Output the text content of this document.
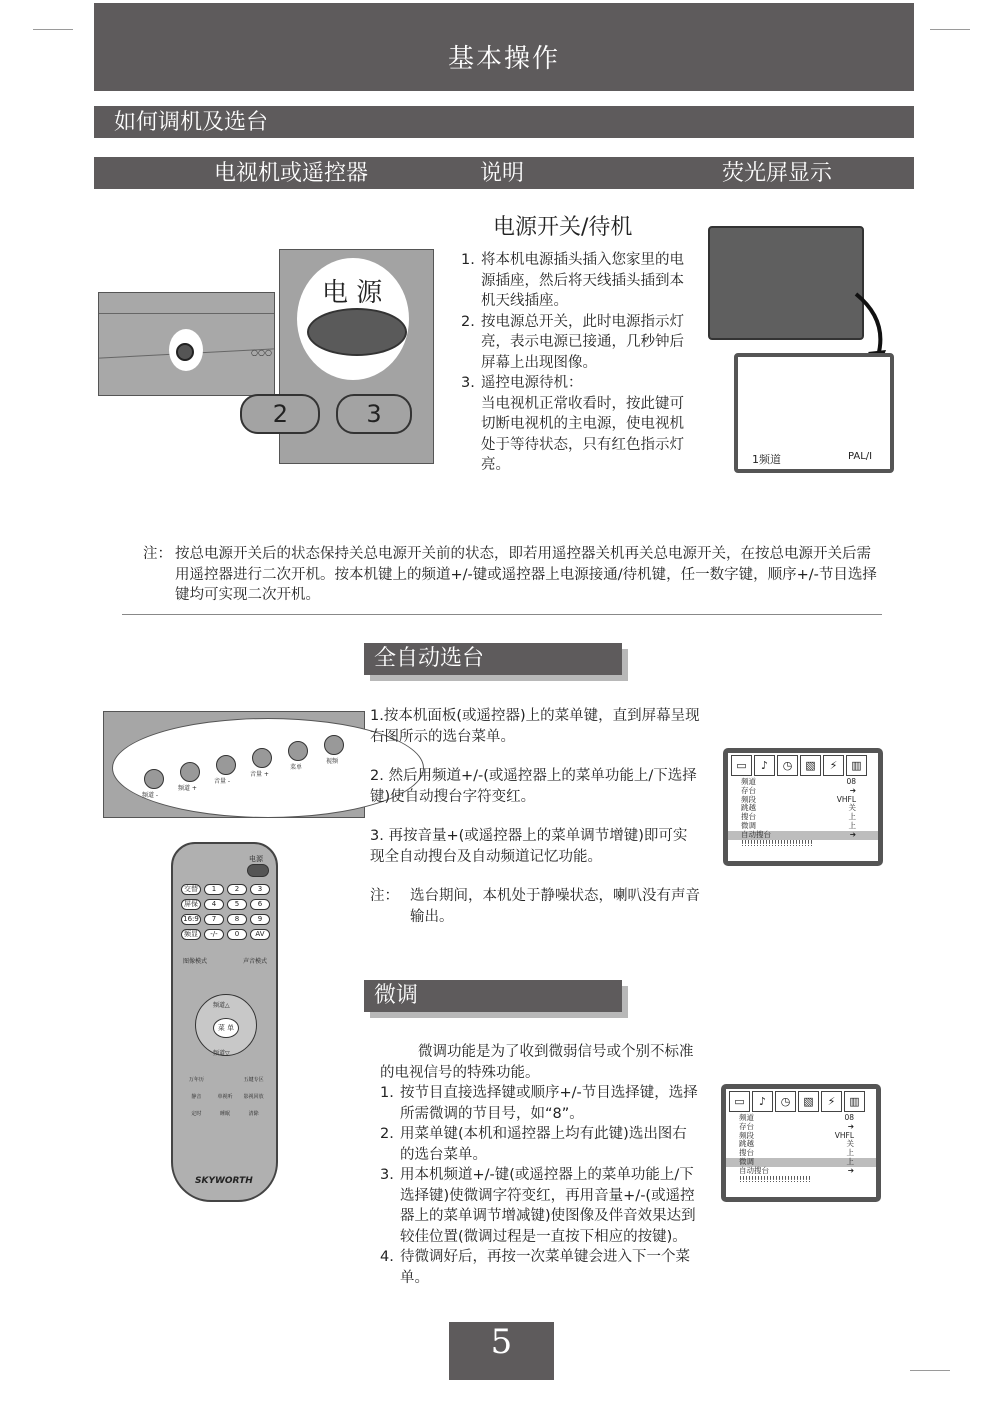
基本操作
如何调机及选台
电视机或遥控器	说明	荧光屏显示
○○○
电 源
2	3
电源开关/待机
1. 将本机电源插头插入您家里的电源插座，然后将天线插头插到本机天线插座。
2. 按电源总开关，此时电源指示灯亮，表示电源已接通，几秒钟后屏幕上出现图像。
3. 遥控电源待机：
当电视机正常收看时，按此键可切断电视机的主电源，使电视机处于等待状态，只有红色指示灯亮。	1频道	PAL/I
注： 按总电源开关后的状态保持关总电源开关前的状态，即若用遥控器关机再关总电源开关，在按总电源开关后需用遥控器进行二次开机。按本机键上的频道+/-键或遥控器上电源接通/待机键，任一数字键，顺序+/-节目选择键均可实现二次开机。
全自动选台
频道 -
频道 +
音量 -
音量 +
菜单
视频
1.按本机面板(或遥控器)上的菜单键，直到屏幕呈现右图所示的选台菜单。
2. 然后用频道+/-(或遥控器上的菜单功能上/下选择键)使自动搜台字符变红。
3. 再按音量+(或遥控器上的菜单调节增键)即可实现全自动搜台及自动频道记忆功能。
注： 选台期间，本机处于静噪状态，喇叭没有声音输出。
▭	♪	◷	▧	⚡	▥
频道	08
存台	➔
频段	VHFL
跳越	关
搜台	上
微调	上
自动搜台	➔
!!!!!!!!!!!!!!!!!!!!!!!!
电源
交替	1	2	3
屏保	4	5	6
16:9	7	8	9
频显	-/-	0	AV
图像模式	声音模式
频道△
菜 单
频道▽
万年历	五键专区
静音	单视听	影视回放
定时	睡眠	清除
SKYWORTH
微调
微调功能是为了收到微弱信号或个别不标准的电视信号的特殊功能。
1. 按节目直接选择键或顺序+/-节目选择键，选择所需微调的节目号，如“8”。
2. 用菜单键(本机和遥控器上均有此键)选出图右的选台菜单。
3. 用本机频道+/-键(或遥控器上的菜单功能上/下选择键)使微调字符变红，再用音量+/-(或遥控器上的菜单调节增减键)使图像及伴音效果达到较佳位置(微调过程是一直按下相应的按键)。
4. 待微调好后，再按一次菜单键会进入下一个菜单。
▭	♪	◷	▧	⚡	▥
频道	08
存台	➔
频段	VHFL
跳越	关
搜台	上
微调	上
自动搜台	➔
!!!!!!!!!!!!!!!!!!!!!!!!
5
